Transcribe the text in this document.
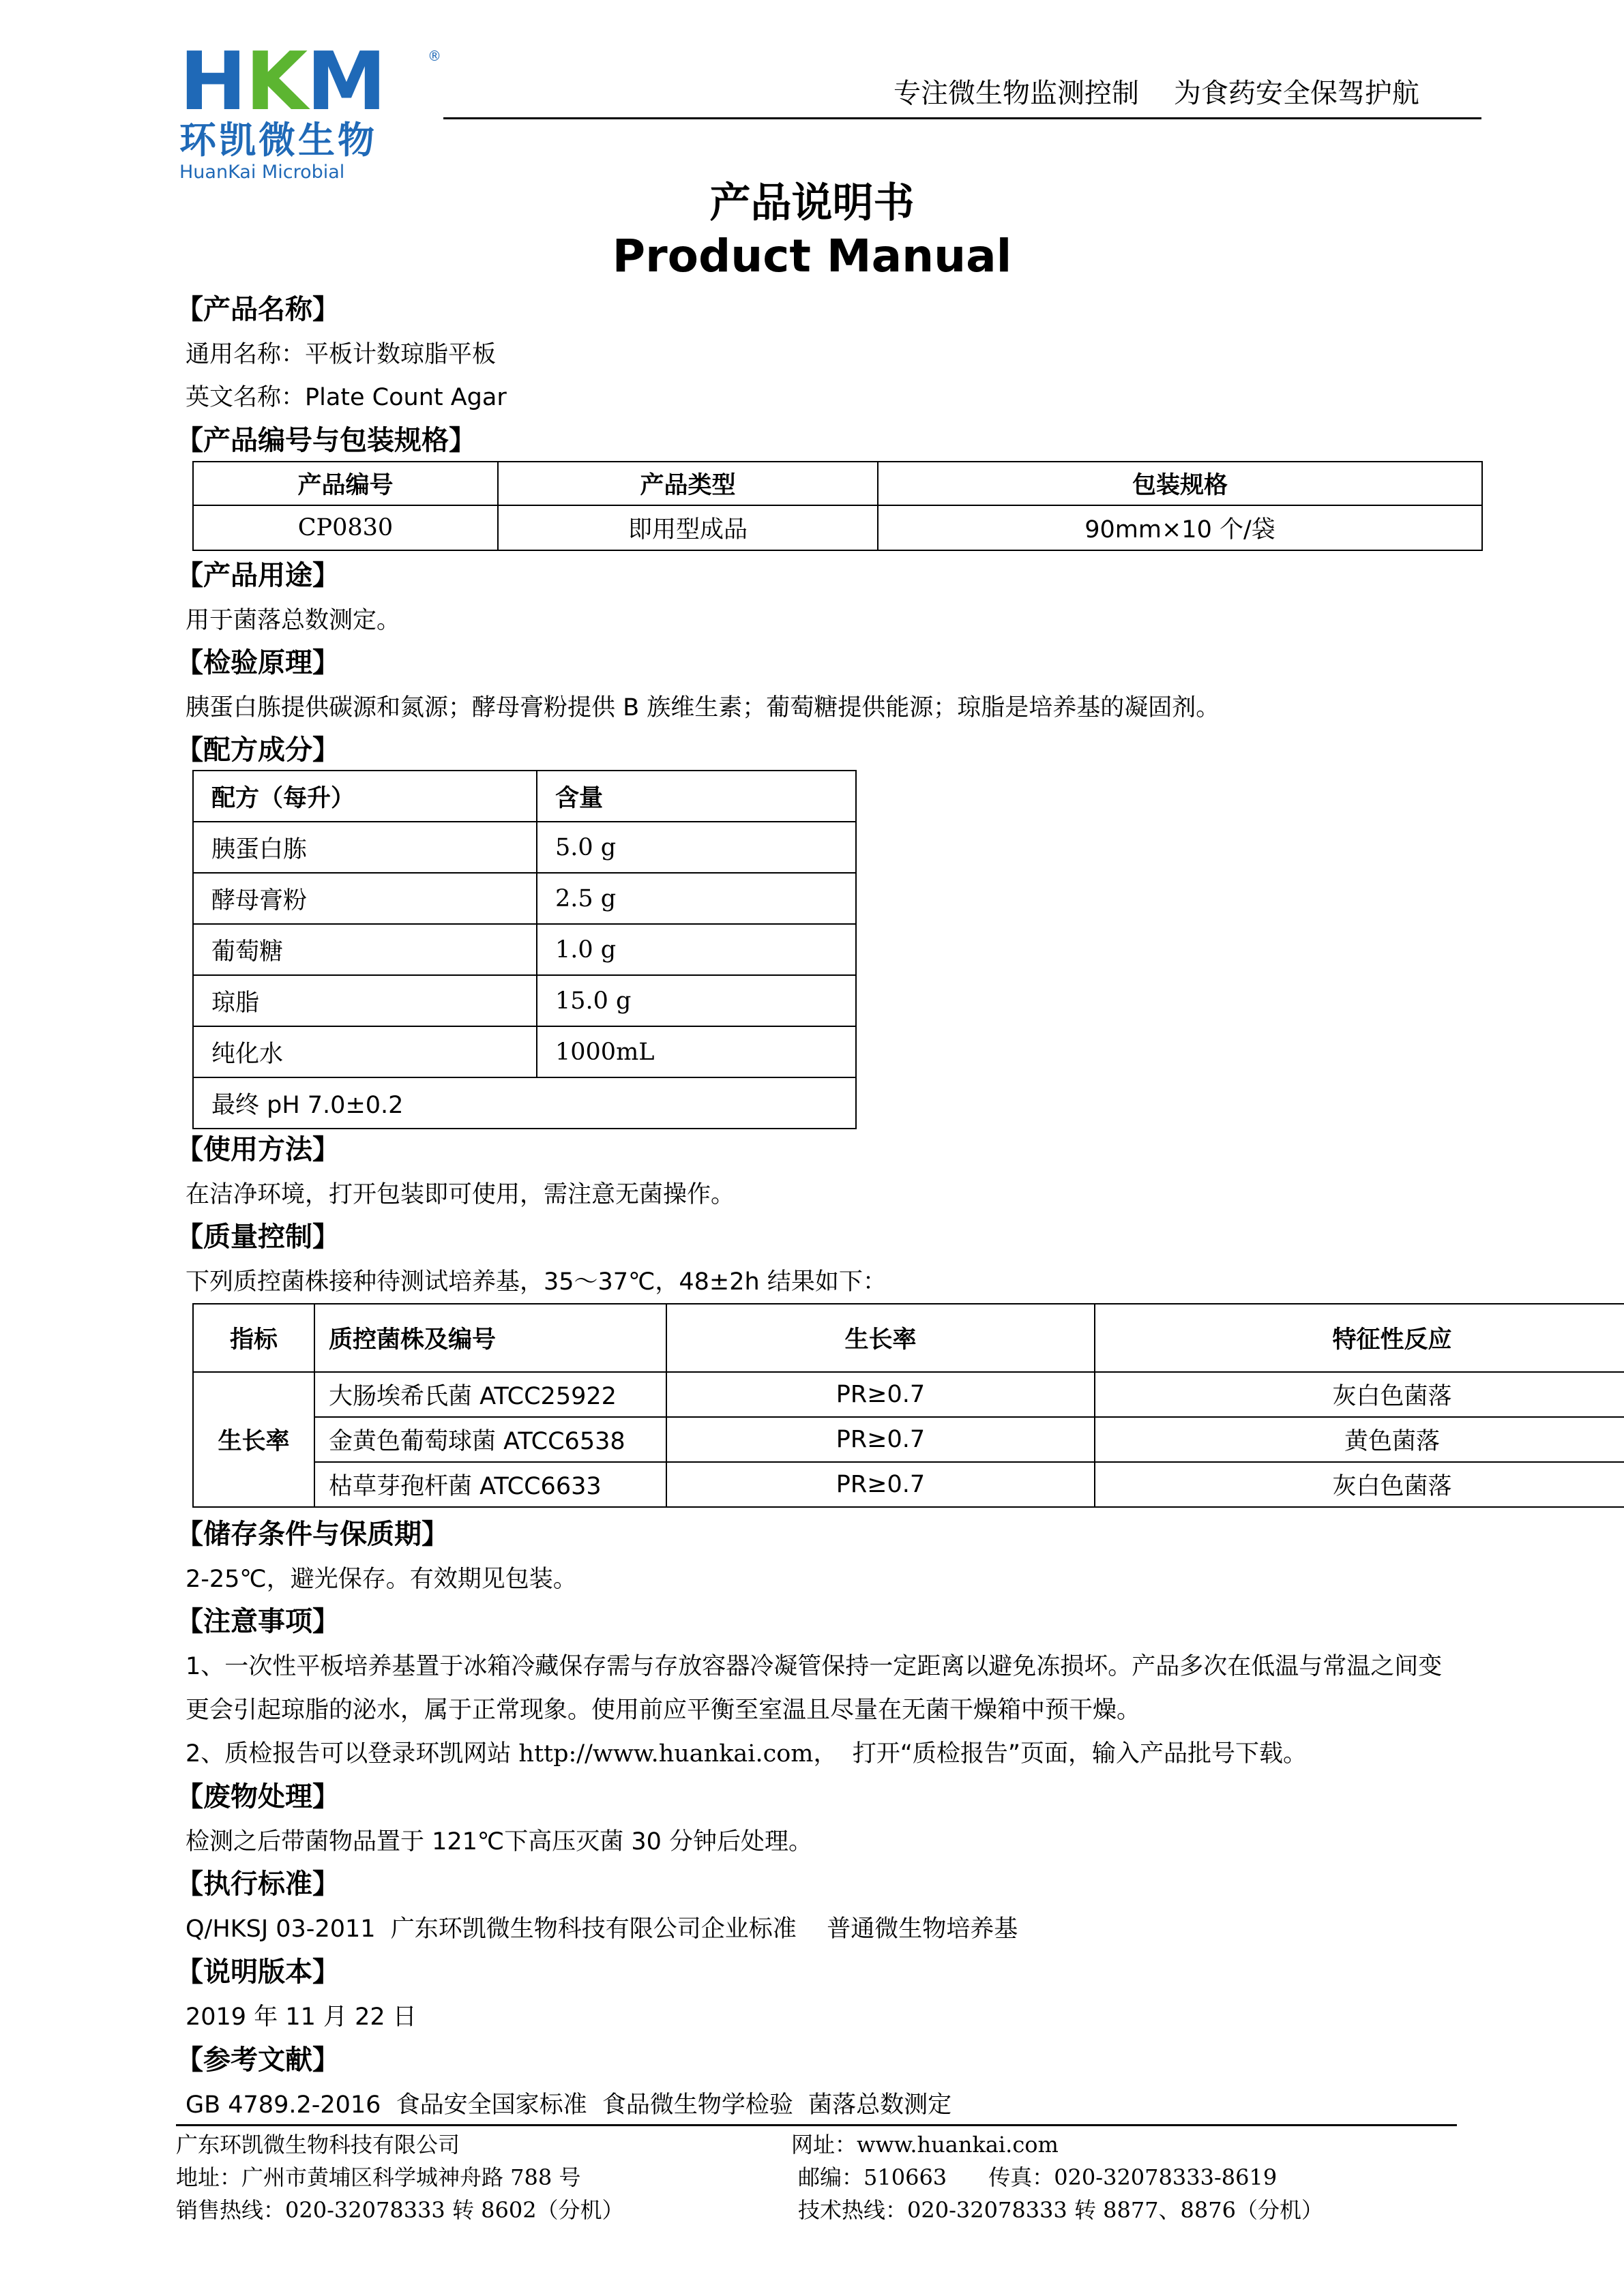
HKM	®
环凯微生物
HuanKai Microbial
专注微生物监测控制    为食药安全保驾护航
产品说明书
Product Manual
【产品名称】
通用名称：平板计数琼脂平板
英文名称：Plate Count Agar
【产品编号与包装规格】
产品编号	产品类型	包装规格
CP0830	即用型成品	90mm×10 个/袋
【产品用途】
用于菌落总数测定。
【检验原理】
胰蛋白胨提供碳源和氮源；酵母膏粉提供 B 族维生素；葡萄糖提供能源；琼脂是培养基的凝固剂。
【配方成分】
配方（每升）	含量
胰蛋白胨	5.0 g
酵母膏粉	2.5 g
葡萄糖	1.0 g
琼脂	15.0 g
纯化水	1000mL
最终 pH 7.0±0.2	
【使用方法】
在洁净环境，打开包装即可使用，需注意无菌操作。
【质量控制】
下列质控菌株接种待测试培养基，35～37℃，48±2h 结果如下：
指标	质控菌株及编号	生长率	特征性反应
生长率	大肠埃希氏菌 ATCC25922	PR≥0.7	灰白色菌落
	金黄色葡萄球菌 ATCC6538	PR≥0.7	黄色菌落
	枯草芽孢杆菌 ATCC6633	PR≥0.7	灰白色菌落
【储存条件与保质期】
2-25℃，避光保存。有效期见包装。
【注意事项】
1、一次性平板培养基置于冰箱冷藏保存需与存放容器冷凝管保持一定距离以避免冻损坏。产品多次在低温与常温之间变
更会引起琼脂的泌水，属于正常现象。使用前应平衡至室温且尽量在无菌干燥箱中预干燥。
2、质检报告可以登录环凯网站 http://www.huankai.com，  打开“质检报告”页面，输入产品批号下载。
【废物处理】
检测之后带菌物品置于 121℃下高压灭菌 30 分钟后处理。
【执行标准】
Q/HKSJ 03-2011  广东环凯微生物科技有限公司企业标准    普通微生物培养基
【说明版本】
2019 年 11 月 22 日
【参考文献】
GB 4789.2-2016  食品安全国家标准  食品微生物学检验  菌落总数测定
广东环凯微生物科技有限公司
地址：广州市黄埔区科学城神舟路 788 号
销售热线：020-32078333 转 8602（分机）
网址：www.huankai.com
邮编：510663      传真：020-32078333-8619
技术热线：020-32078333 转 8877、8876（分机）
